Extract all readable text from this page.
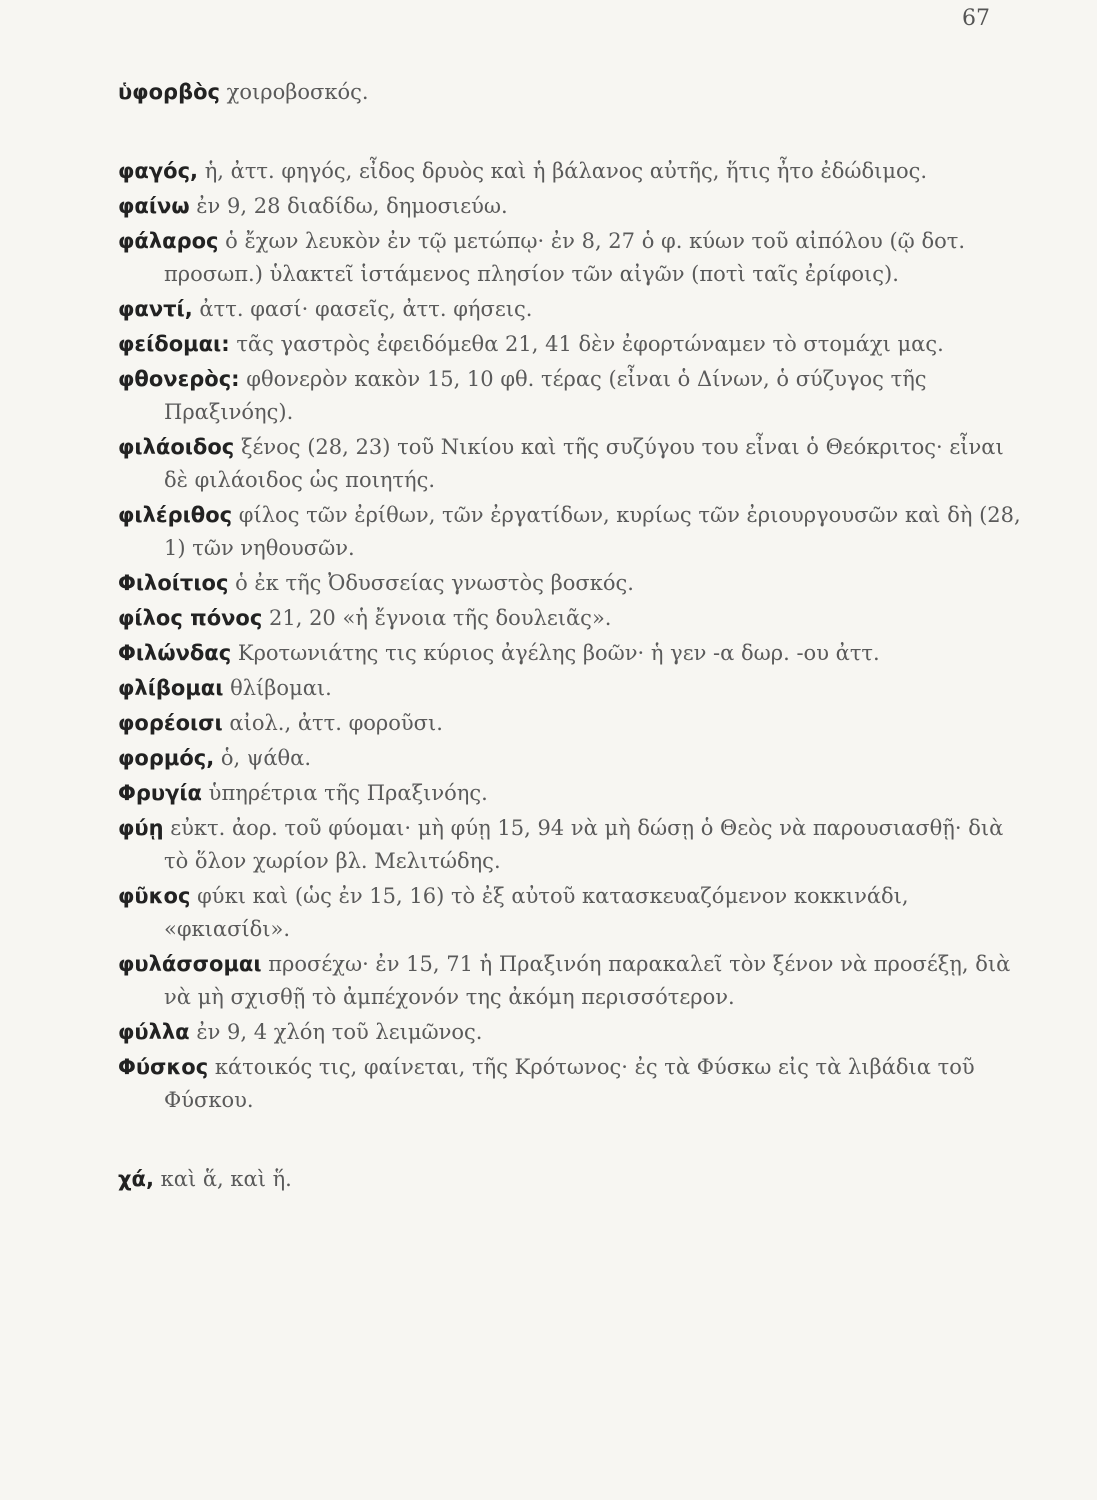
67

ὑφορβὸς χοιροβοσκός.

φαγός, ἡ, ἀττ. φηγός, εἶδος δρυὸς καὶ ἡ βάλανος αὐτῆς, ἥτις ἦτο ἐδώδιμος.

φαίνω ἐν 9, 28 διαδίδω, δημοσιεύω.

φάλαρος ὁ ἔχων λευκὸν ἐν τῷ μετώπῳ· ἐν 8, 27 ὁ φ. κύων τοῦ αἰπόλου (ῷ δοτ. προσωπ.) ὑλακτεῖ ἱστάμενος πλησίον τῶν αἰγῶν (ποτὶ ταῖς ἐρίφοις).

φαντί, ἀττ. φασί· φασεῖς, ἀττ. φήσεις.

φείδομαι: τᾶς γαστρὸς ἐφειδόμεθα 21, 41 δὲν ἐφορτώναμεν τὸ στομάχι μας.

φθονερὸς: φθονερὸν κακὸν 15, 10 φθ. τέρας (εἶναι ὁ Δίνων, ὁ σύζυγος τῆς Πραξινόης).

φιλάοιδος ξένος (28, 23) τοῦ Νικίου καὶ τῆς συζύγου του εἶναι ὁ Θεόκριτος· εἶναι δὲ φιλάοιδος ὡς ποιητής.

φιλέριθος φίλος τῶν ἐρίθων, τῶν ἐργατίδων, κυρίως τῶν ἐριουργουσῶν καὶ δὴ (28, 1) τῶν νηθουσῶν.

Φιλοίτιος ὁ ἐκ τῆς Ὀδυσσείας γνωστὸς βοσκός.

φίλος πόνος 21, 20 «ἡ ἔγνοια τῆς δουλειᾶς».

Φιλώνδας Κροτωνιάτης τις κύριος ἀγέλης βοῶν· ἡ γεν -α δωρ. -ου ἀττ.

φλίβομαι θλίβομαι.

φορέοισι αἰολ., ἀττ. φοροῦσι.

φορμός, ὁ, ψάθα.

Φρυγία ὑπηρέτρια τῆς Πραξινόης.

φύῃ εὐκτ. ἀορ. τοῦ φύομαι· μὴ φύῃ 15, 94 νὰ μὴ δώσῃ ὁ Θεὸς νὰ παρουσιασθῇ· διὰ τὸ ὅλον χωρίον βλ. Μελιτώδης.

φῦκος φύκι καὶ (ὡς ἐν 15, 16) τὸ ἐξ αὐτοῦ κατασκευαζόμενον κοκκινάδι, «φκιασίδι».

φυλάσσομαι προσέχω· ἐν 15, 71 ἡ Πραξινόη παρακαλεῖ τὸν ξένον νὰ προσέξῃ, διὰ νὰ μὴ σχισθῇ τὸ ἀμπέχονόν της ἀκόμη περισσότερον.

φύλλα ἐν 9, 4 χλόη τοῦ λειμῶνος.

Φύσκος κάτοικός τις, φαίνεται, τῆς Κρότωνος· ἐς τὰ Φύσκω εἰς τὰ λιβάδια τοῦ Φύσκου.

χά, καὶ ἅ, καὶ ἥ.
